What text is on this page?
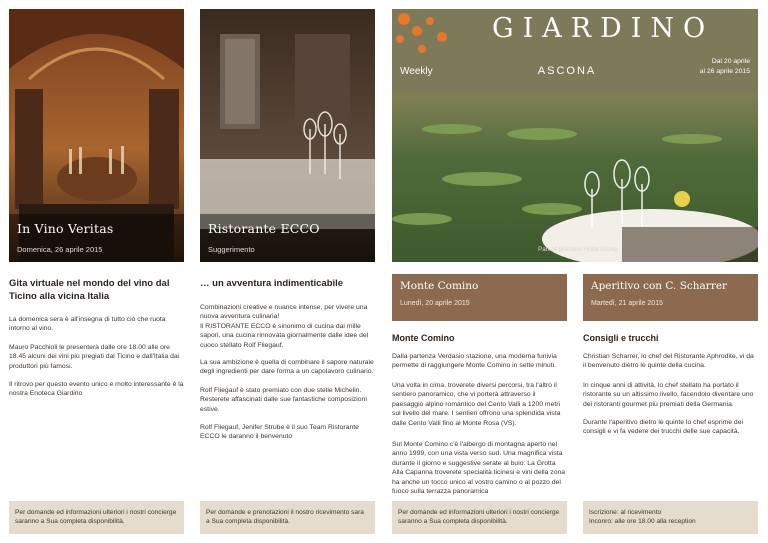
In Vino Veritas
Domenica, 26 aprile 2015
Gita virtuale nel mondo del vino dal Ticino alla vicina Italia
La domenica sera è all'insegna di tutto ciò che ruota intorno al vino.
Mauro Pacchioli le presenterà dalle ore 18.00 alle ore 18.45 alcuni dei vini più pregiati dal Ticino e dall'Italia dai produttori più famosi.
Il ritrovo per questo evento unico e molto interessante è la nostra Enoteca Giardino
Per domande ed informazioni ulteriori i nostri concierge saranno a Sua completa disponibilità.
Ristorante ECCO
Suggerimento
… un avventura indimenticabile
Combinazioni creative e nuance intense, per vivere una nuova avventura culinaria!
Il RISTORANTE ECCO è sinonimo di cucina dai mille sapori, una cucina rinnovata giornalmente dalle idee del cuoco stellato Rolf Fliegauf.
La sua ambizione è quella di combinare il sapore naturale degli ingredienti per dare forma a un capolavoro culinario.
Rolf Fliegauf è stato premiato con due stelle Michelin. Resterete affascinati dalle sue fantastiche composizioni estive.
Rolf Fliegauf, Jenifer Strube è il suo Team Ristorante ECCO le daranno il benvenuto
Per domande e prenotazioni il nostro ricevimento sara a Sua completa disponibilità.
GIARDINO
ASCONA
Weekly
Dal 20 aprile
al 26 aprile 2015
Part of Giardino Hotel Group
Monte Comino
Lunedì, 20 aprile 2015
Monte Comino
Dalla partenza Verdasio stazione, una moderna funivia permette di raggiungere Monte Comino in sette minuti.
Una volta in cima, troverete diversi percorsi, tra l'altro il sentiero panoramico, che vi porterà attraverso il paesaggio alpino romantico del Cento Valli a 1200 metri sul livello del mare. I sentieri offrono una splendida vista dalle Cento Valli fino al Monte Rosa (VS).
Sul Monte Comino c'è l'albergo di montagna aperto nel anno 1999, con una vista verso sud. Una magnifica vista durante il giorno e suggestive serate al buio: La Grotta Alla Capanna troverete specialità ticinesi e vini della zona ha anche un tocco unico al vostro camino o al pozzo del fuoco sulla terrazza panoramica
Per domande ed informazioni ulteriori i nostri concierge saranno a Sua completa disponibilità.
Aperitivo con C. Scharrer
Martedì, 21 aprile 2015
Consigli e trucchi
Christian Scharrer, lo chef del Ristorante Aphrodite, vi da il benvenuto dietro le quinte della cucina.
In cinque anni di attività, lo chef stellato ha portato il ristorante su un altissimo livello, facendolo diventare uno dei ristoranti gourmet più premiati della Germania.
Durante l'aperitivo dietro le quinte lo chef esprime dei consigli e vi fa vedere dei trucchi delle sue capacità.
Iscrizione: al ricevimento
Inconro: alle ore 18.00 alla reception
